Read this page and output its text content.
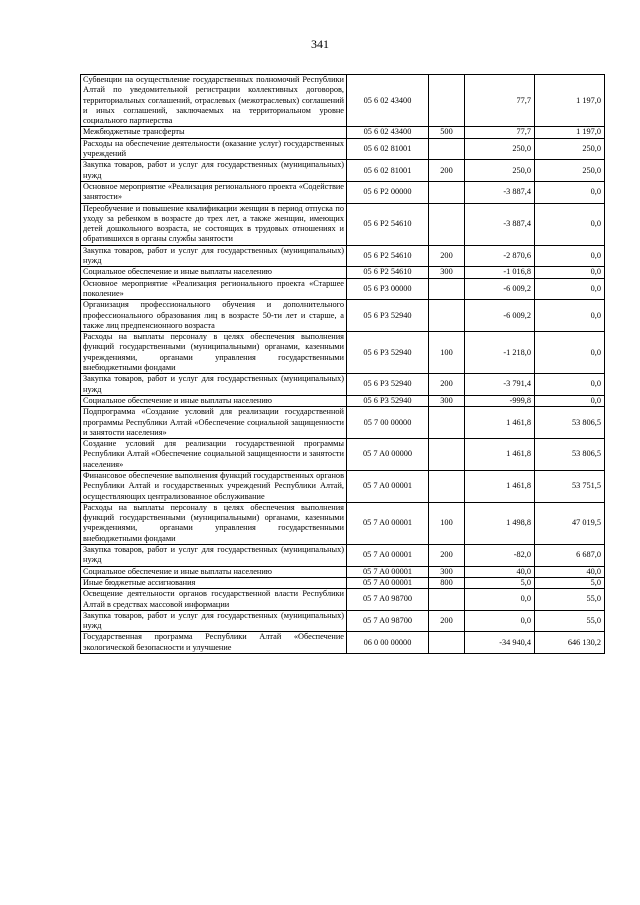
341
Субвенции на осуществление государственных полномочий Республики Алтай по уведомительной регистрации коллективных договоров, территориальных соглашений, отраслевых (межотраслевых) соглашений и иных соглашений, заключаемых на территориальном уровне социального партнерства	05 6 02 43400		77,7	1 197,0
Межбюджетные трансферты	05 6 02 43400	500	77,7	1 197,0
Расходы на обеспечение деятельности (оказание услуг) государственных учреждений	05 6 02 81001		250,0	250,0
Закупка товаров, работ и услуг для государственных (муниципальных) нужд	05 6 02 81001	200	250,0	250,0
Основное мероприятие «Реализация регионального проекта «Содействие занятости»	05 6 P2 00000		-3 887,4	0,0
Переобучение и повышение квалификации женщин в период отпуска по уходу за ребенком в возрасте до трех лет, а также женщин, имеющих детей дошкольного возраста, не состоящих в трудовых отношениях и обратившихся в органы службы занятости	05 6 P2 54610		-3 887,4	0,0
Закупка товаров, работ и услуг для государственных (муниципальных) нужд	05 6 P2 54610	200	-2 870,6	0,0
Социальное обеспечение и иные выплаты населению	05 6 P2 54610	300	-1 016,8	0,0
Основное мероприятие «Реализация регионального проекта «Старшее поколение»	05 6 P3 00000		-6 009,2	0,0
Организация профессионального обучения и дополнительного профессионального образования лиц в возрасте 50-ти лет и старше, а также лиц предпенсионного возраста	05 6 P3 52940		-6 009,2	0,0
Расходы на выплаты персоналу в целях обеспечения выполнения функций государственными (муниципальными) органами, казенными учреждениями, органами управления государственными внебюджетными фондами	05 6 P3 52940	100	-1 218,0	0,0
Закупка товаров, работ и услуг для государственных (муниципальных) нужд	05 6 P3 52940	200	-3 791,4	0,0
Социальное обеспечение и иные выплаты населению	05 6 P3 52940	300	-999,8	0,0
Подпрограмма «Создание условий для реализации государственной программы Республики Алтай «Обеспечение социальной защищенности и занятости населения»	05 7 00 00000		1 461,8	53 806,5
Создание условий для реализации государственной программы Республики Алтай «Обеспечение социальной защищенности и занятости населения»	05 7 A0 00000		1 461,8	53 806,5
Финансовое обеспечение выполнения функций государственных органов Республики Алтай и государственных учреждений Республики Алтай, осуществляющих централизованное обслуживание	05 7 A0 00001		1 461,8	53 751,5
Расходы на выплаты персоналу в целях обеспечения выполнения функций государственными (муниципальными) органами, казенными учреждениями, органами управления государственными внебюджетными фондами	05 7 A0 00001	100	1 498,8	47 019,5
Закупка товаров, работ и услуг для государственных (муниципальных) нужд	05 7 A0 00001	200	-82,0	6 687,0
Социальное обеспечение и иные выплаты населению	05 7 A0 00001	300	40,0	40,0
Иные бюджетные ассигнования	05 7 A0 00001	800	5,0	5,0
Освещение деятельности органов государственной власти Республики Алтай в средствах массовой информации	05 7 A0 98700		0,0	55,0
Закупка товаров, работ и услуг для государственных (муниципальных) нужд	05 7 A0 98700	200	0,0	55,0
Государственная программа Республики Алтай «Обеспечение экологической безопасности и улучшение	06 0 00 00000		-34 940,4	646 130,2
